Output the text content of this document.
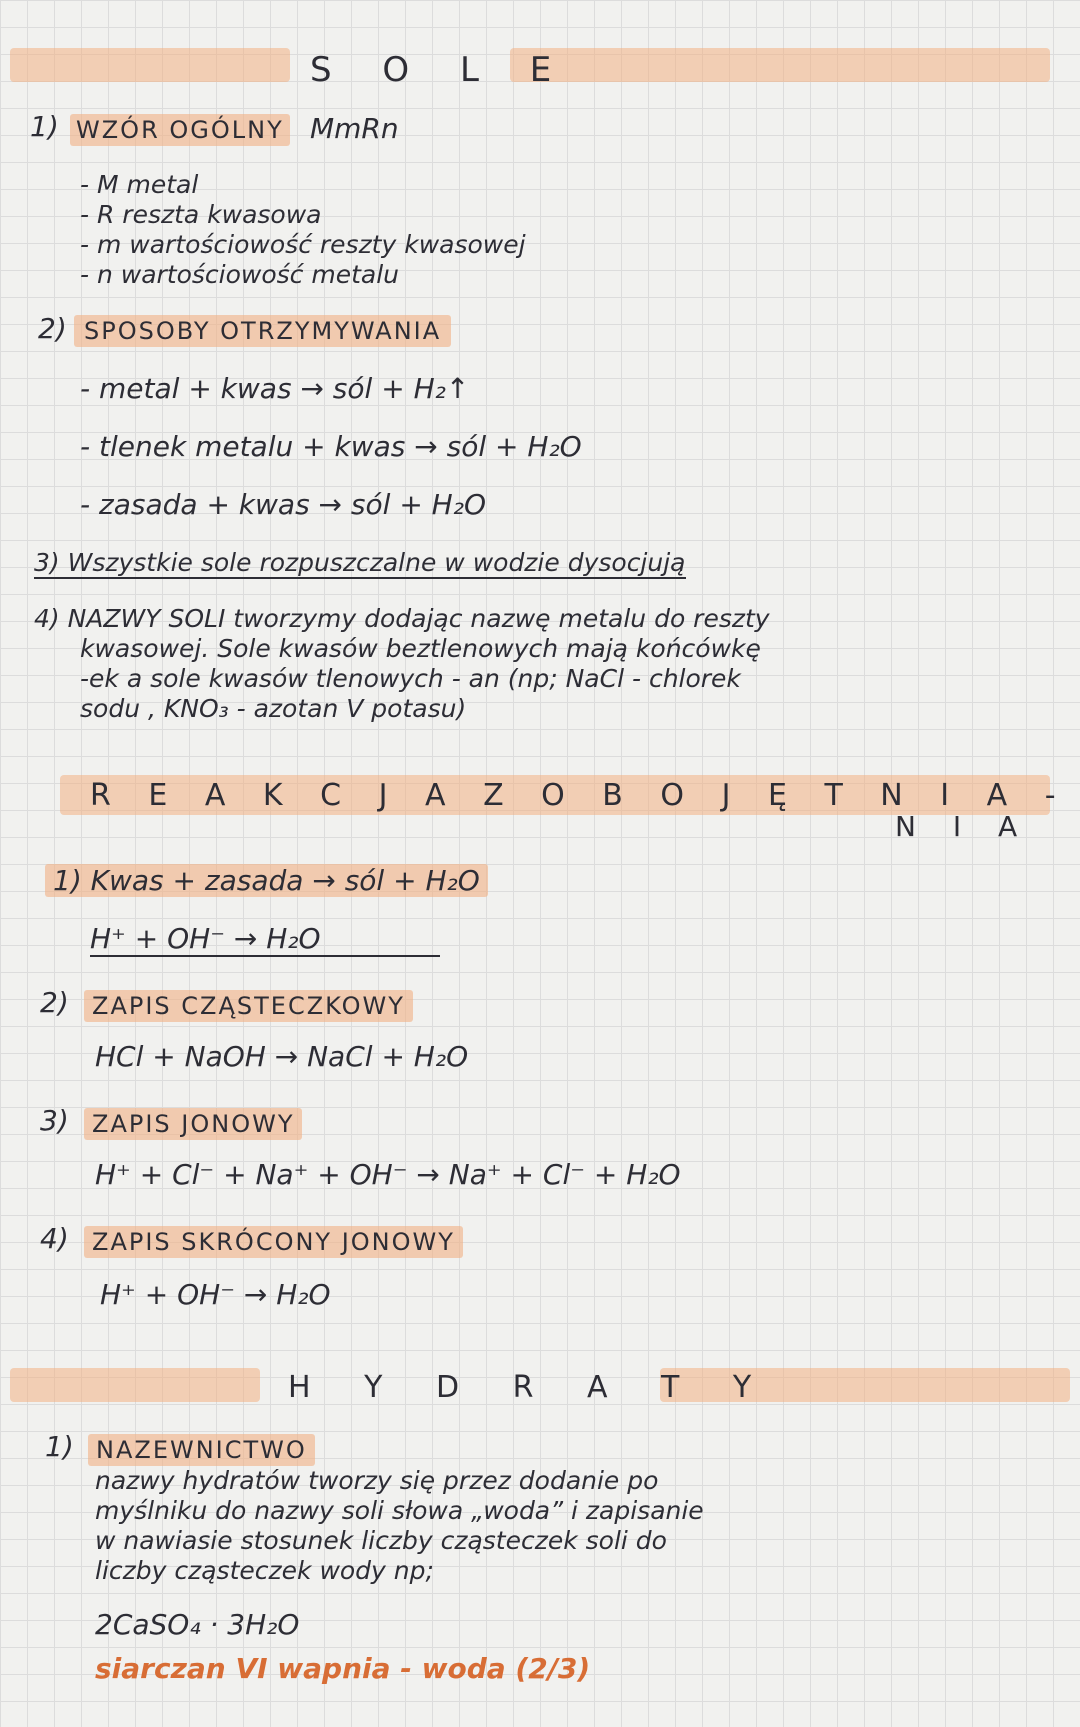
S O L E
1) WZÓR OGÓLNY MmRn
- M metal
- R reszta kwasowa
- m wartościowość reszty kwasowej
- n wartościowość metalu
2) SPOSOBY OTRZYMYWANIA
- metal + kwas → sól + H₂↑
- tlenek metalu + kwas → sól + H₂O
- zasada + kwas → sól + H₂O
3) Wszystkie sole rozpuszczalne w wodzie dysocjują
4) NAZWY SOLI tworzymy dodając nazwę metalu do reszty
kwasowej. Sole kwasów beztlenowych mają końcówkę
-ek a sole kwasów tlenowych - an (np; NaCl - chlorek
sodu , KNO₃ - azotan V potasu)
R E A K C J A Z O B O J Ę T N I A -
N I A
1) Kwas + zasada → sól + H₂O
H⁺ + OH⁻ → H₂O
2) ZAPIS CZĄSTECZKOWY
HCl + NaOH → NaCl + H₂O
3) ZAPIS JONOWY
H⁺ + Cl⁻ + Na⁺ + OH⁻ → Na⁺ + Cl⁻ + H₂O
4) ZAPIS SKRÓCONY JONOWY
H⁺ + OH⁻ → H₂O
H Y D R A T Y
1) NAZEWNICTWO
nazwy hydratów tworzy się przez dodanie po
myślniku do nazwy soli słowa „woda” i zapisanie
w nawiasie stosunek liczby cząsteczek soli do
liczby cząsteczek wody np;
2CaSO₄ · 3H₂O
siarczan VI wapnia - woda (2/3)
